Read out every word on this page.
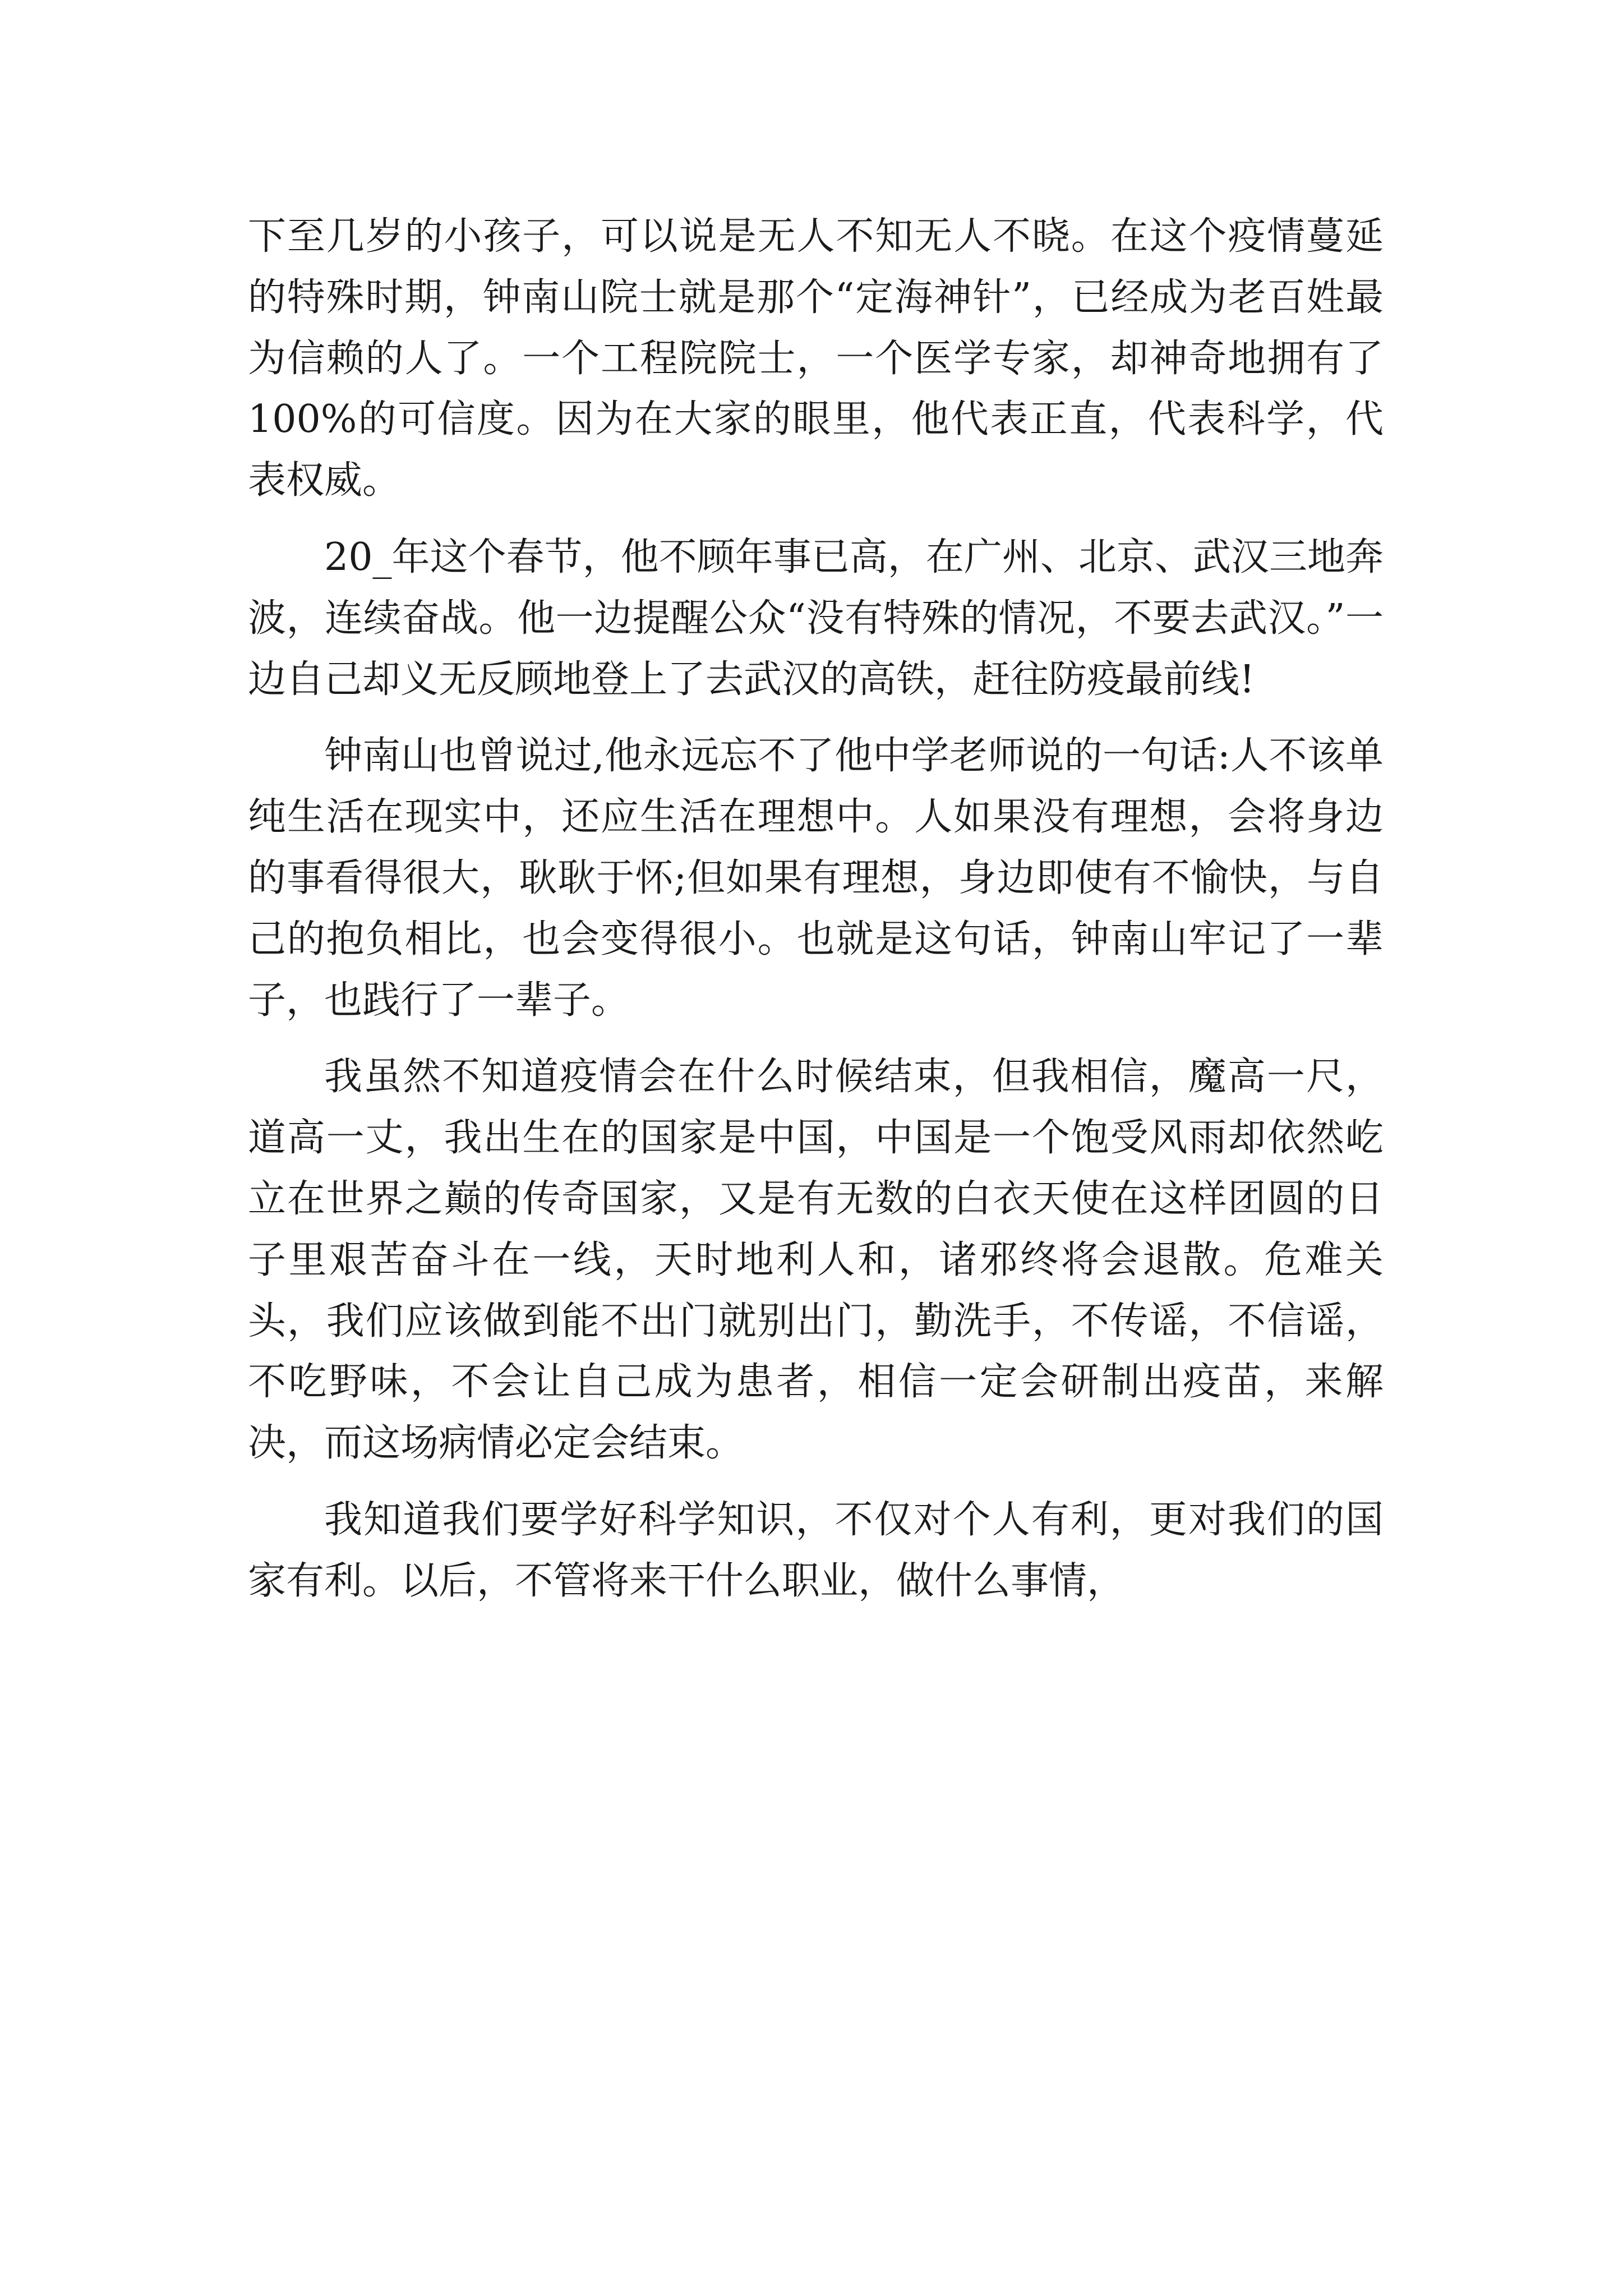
下至几岁的小孩子，可以说是无人不知无人不晓。在这个疫情蔓延的特殊时期，钟南山院士就是那个“定海神针”，已经成为老百姓最为信赖的人了。一个工程院院士，一个医学专家，却神奇地拥有了100%的可信度。因为在大家的眼里，他代表正直，代表科学，代表权威。

20_年这个春节，他不顾年事已高，在广州、北京、武汉三地奔波，连续奋战。他一边提醒公众“没有特殊的情况，不要去武汉。”一边自己却义无反顾地登上了去武汉的高铁，赶往防疫最前线!

钟南山也曾说过,他永远忘不了他中学老师说的一句话:人不该单纯生活在现实中，还应生活在理想中。人如果没有理想，会将身边的事看得很大，耿耿于怀;但如果有理想，身边即使有不愉快，与自己的抱负相比，也会变得很小。也就是这句话，钟南山牢记了一辈子，也践行了一辈子。

我虽然不知道疫情会在什么时候结束，但我相信，魔高一尺，道高一丈，我出生在的国家是中国，中国是一个饱受风雨却依然屹立在世界之巅的传奇国家，又是有无数的白衣天使在这样团圆的日子里艰苦奋斗在一线，天时地利人和，诸邪终将会退散。危难关头，我们应该做到能不出门就别出门，勤洗手，不传谣，不信谣，不吃野味，不会让自己成为患者，相信一定会研制出疫苗，来解决，而这场病情必定会结束。

我知道我们要学好科学知识，不仅对个人有利，更对我们的国家有利。以后，不管将来干什么职业，做什么事情，
